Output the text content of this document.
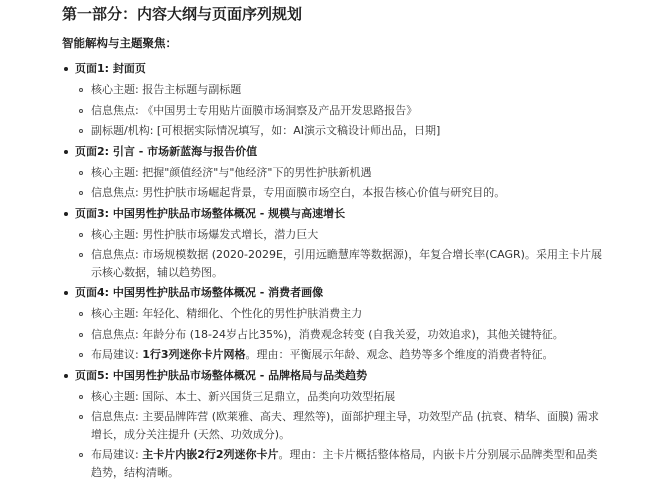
第一部分：内容大纲与页面序列规划
智能解构与主题聚焦：
页面1: 封面页
核心主题: 报告主标题与副标题
信息焦点: 《中国男士专用贴片面膜市场洞察及产品开发思路报告》
副标题/机构: [可根据实际情况填写，如：AI演示文稿设计师出品，日期]
页面2: 引言 - 市场新蓝海与报告价值
核心主题: 把握"颜值经济"与"他经济"下的男性护肤新机遇
信息焦点: 男性护肤市场崛起背景，专用面膜市场空白，本报告核心价值与研究目的。
页面3: 中国男性护肤品市场整体概况 - 规模与高速增长
核心主题: 男性护肤市场爆发式增长，潜力巨大
信息焦点: 市场规模数据 (2020-2029E，引用远瞻慧库等数据源)，年复合增长率(CAGR)。采用主卡片展示核心数据，辅以趋势图。
页面4: 中国男性护肤品市场整体概况 - 消费者画像
核心主题: 年轻化、精细化、个性化的男性护肤消费主力
信息焦点: 年龄分布 (18-24岁占比35%)，消费观念转变 (自我关爱，功效追求)，其他关键特征。
布局建议: 1行3列迷你卡片网格。理由：平衡展示年龄、观念、趋势等多个维度的消费者特征。
页面5: 中国男性护肤品市场整体概况 - 品牌格局与品类趋势
核心主题: 国际、本土、新兴国货三足鼎立，品类向功效型拓展
信息焦点: 主要品牌阵营 (欧莱雅、高夫、理然等)，面部护理主导，功效型产品 (抗衰、精华、面膜) 需求增长，成分关注提升 (天然、功效成分)。
布局建议: 主卡片内嵌2行2列迷你卡片。理由：主卡片概括整体格局，内嵌卡片分别展示品牌类型和品类趋势，结构清晰。
